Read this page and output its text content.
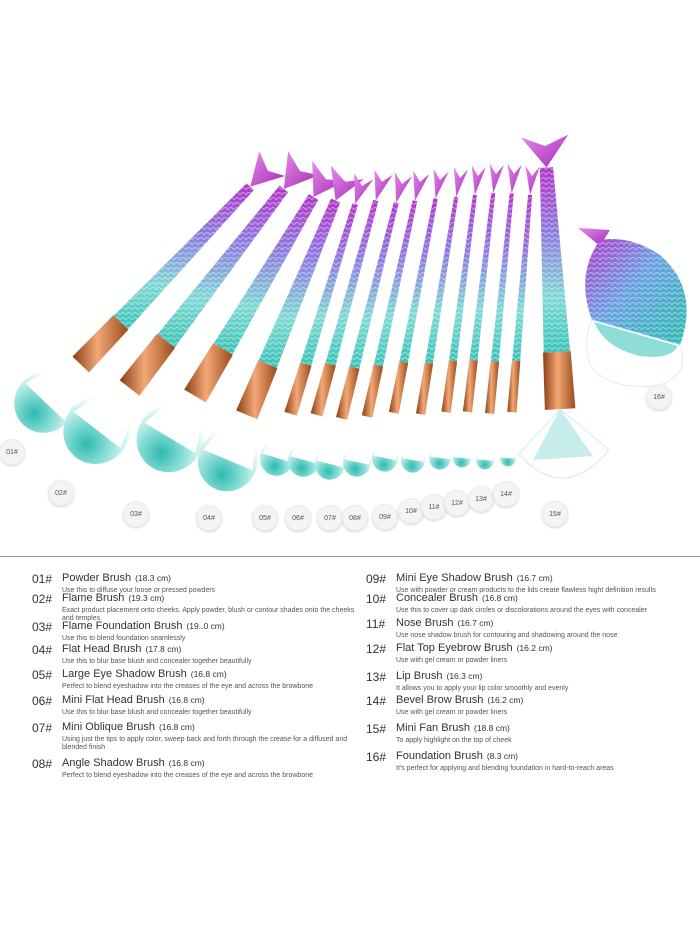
01#
02#
03#
04#	05#	06#	07#	08#	09#
10#
11#
12#
13#
14#
15#
16#
01# Powder Brush (18.3 cm)
Use this to diffuse your loose or pressed powders
02# Flame Brush (19.3 cm)
Exact product placement onto cheeks. Apply powder, blush or contour shades onto the cheeks and temples
03# Flame Foundation Brush (19..0 cm)
Use this to blend foundation seamlessly
04# Flat Head Brush (17.8 cm)
Use this to blur base blush and concealer together beautifully
05# Large Eye Shadow Brush (16.8 cm)
Perfect to blend eyeshadow into the creases of the eye and across the browbone
06# Mini Flat Head Brush (16.8 cm)
Use this to blur base blush and concealer together beautifully
07# Mini Oblique Brush (16.8 cm)
Using just the tips to apply color, sweep back and forth through the crease for a diffused and blended finish
08# Angle Shadow Brush (16.8 cm)
Perfect to blend eyeshadow into the creases of the eye and across the browbone
09# Mini Eye Shadow Brush (16.7 cm)
Use with powder or cream products to the lids create flawless hight definition results
10# Concealer Brush (16.8 cm)
Use this to cover up dark circles or discolorations around the eyes with concealer
11# Nose Brush (16.7 cm)
Use nose shadow brush for contouring and shadowing around the nose
12# Flat Top Eyebrow Brush (16.2 cm)
Use with gel cream or powder liners
13# Lip Brush (16.3 cm)
It allows you to apply your lip color smoothly and evenly
14# Bevel Brow Brush (16.2 cm)
Use with gel cream or powder liners
15# Mini Fan Brush (18.8 cm)
To apply highlight on the top of cheek
16# Foundation Brush (8.3 cm)
It's perfect for applying and blending foundation in hard-to-reach areas
